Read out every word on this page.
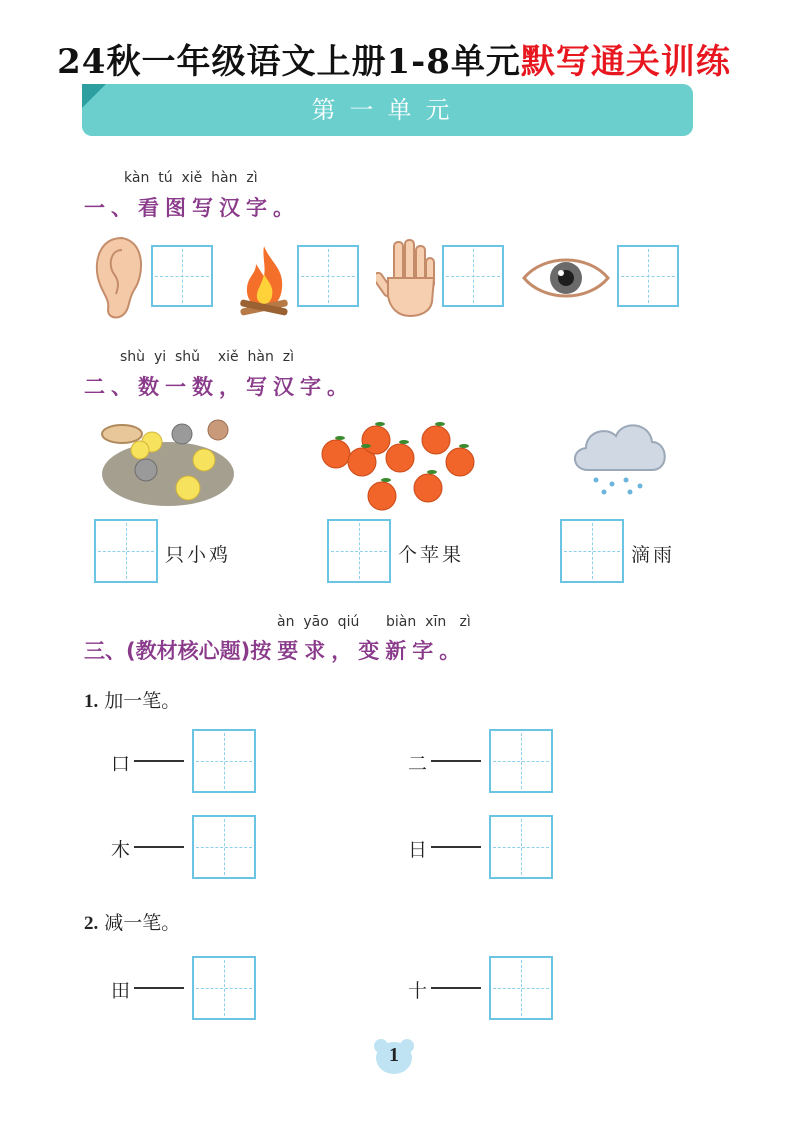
24秋一年级语文上册1-8单元默写通关训练
第一单元
kàn  tú  xiě  hàn  zì
一、看图写汉字。
shù  yi  shǔ    xiě  hàn  zì
二、数一数，写汉字。
只小鸡	个苹果	滴雨
àn  yāo  qiú      biàn  xīn   zì
三、(教材核心题)按要求，变新字。
1. 加一笔。
口	二
木	日
2. 减一笔。
田	十
1
